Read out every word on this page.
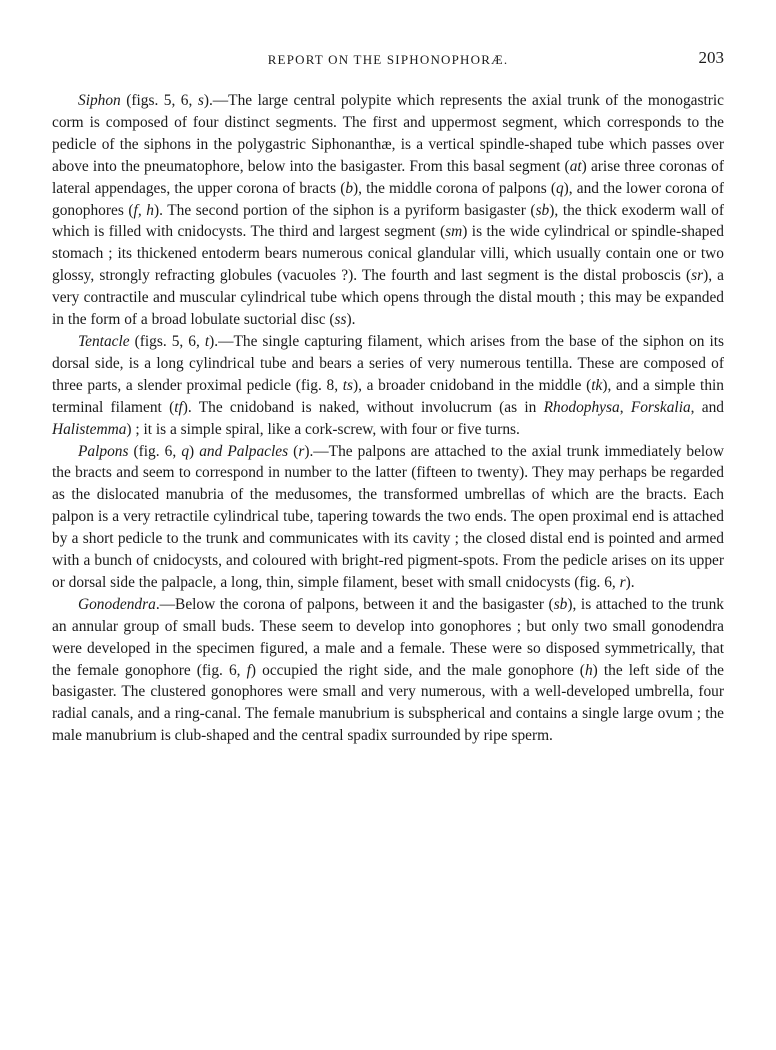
REPORT ON THE SIPHONOPHORÆ.	203

Siphon (figs. 5, 6, s).—The large central polypite which represents the axial trunk of the monogastric corm is composed of four distinct segments. The first and uppermost segment, which corresponds to the pedicle of the siphons in the polygastric Siphonanthæ, is a vertical spindle-shaped tube which passes over above into the pneumatophore, below into the basigaster. From this basal segment (at) arise three coronas of lateral appendages, the upper corona of bracts (b), the middle corona of palpons (q), and the lower corona of gonophores (f, h). The second portion of the siphon is a pyriform basigaster (sb), the thick exoderm wall of which is filled with cnidocysts. The third and largest segment (sm) is the wide cylindrical or spindle-shaped stomach ; its thickened entoderm bears numerous conical glandular villi, which usually contain one or two glossy, strongly refracting globules (vacuoles ?). The fourth and last segment is the distal proboscis (sr), a very contractile and muscular cylindrical tube which opens through the distal mouth ; this may be expanded in the form of a broad lobulate suctorial disc (ss).

Tentacle (figs. 5, 6, t).—The single capturing filament, which arises from the base of the siphon on its dorsal side, is a long cylindrical tube and bears a series of very numerous tentilla. These are composed of three parts, a slender proximal pedicle (fig. 8, ts), a broader cnidoband in the middle (tk), and a simple thin terminal filament (tf). The cnidoband is naked, without involucrum (as in Rhodophysa, Forskalia, and Halistemma) ; it is a simple spiral, like a cork-screw, with four or five turns.

Palpons (fig. 6, q) and Palpacles (r).—The palpons are attached to the axial trunk immediately below the bracts and seem to correspond in number to the latter (fifteen to twenty). They may perhaps be regarded as the dislocated manubria of the medusomes, the transformed umbrellas of which are the bracts. Each palpon is a very retractile cylindrical tube, tapering towards the two ends. The open proximal end is attached by a short pedicle to the trunk and communicates with its cavity ; the closed distal end is pointed and armed with a bunch of cnidocysts, and coloured with bright-red pigment-spots. From the pedicle arises on its upper or dorsal side the palpacle, a long, thin, simple filament, beset with small cnidocysts (fig. 6, r).

Gonodendra.—Below the corona of palpons, between it and the basigaster (sb), is attached to the trunk an annular group of small buds. These seem to develop into gonophores ; but only two small gonodendra were developed in the specimen figured, a male and a female. These were so disposed symmetrically, that the female gonophore (fig. 6, f) occupied the right side, and the male gonophore (h) the left side of the basigaster. The clustered gonophores were small and very numerous, with a well-developed umbrella, four radial canals, and a ring-canal. The female manubrium is subspherical and contains a single large ovum ; the male manubrium is club-shaped and the central spadix surrounded by ripe sperm.
